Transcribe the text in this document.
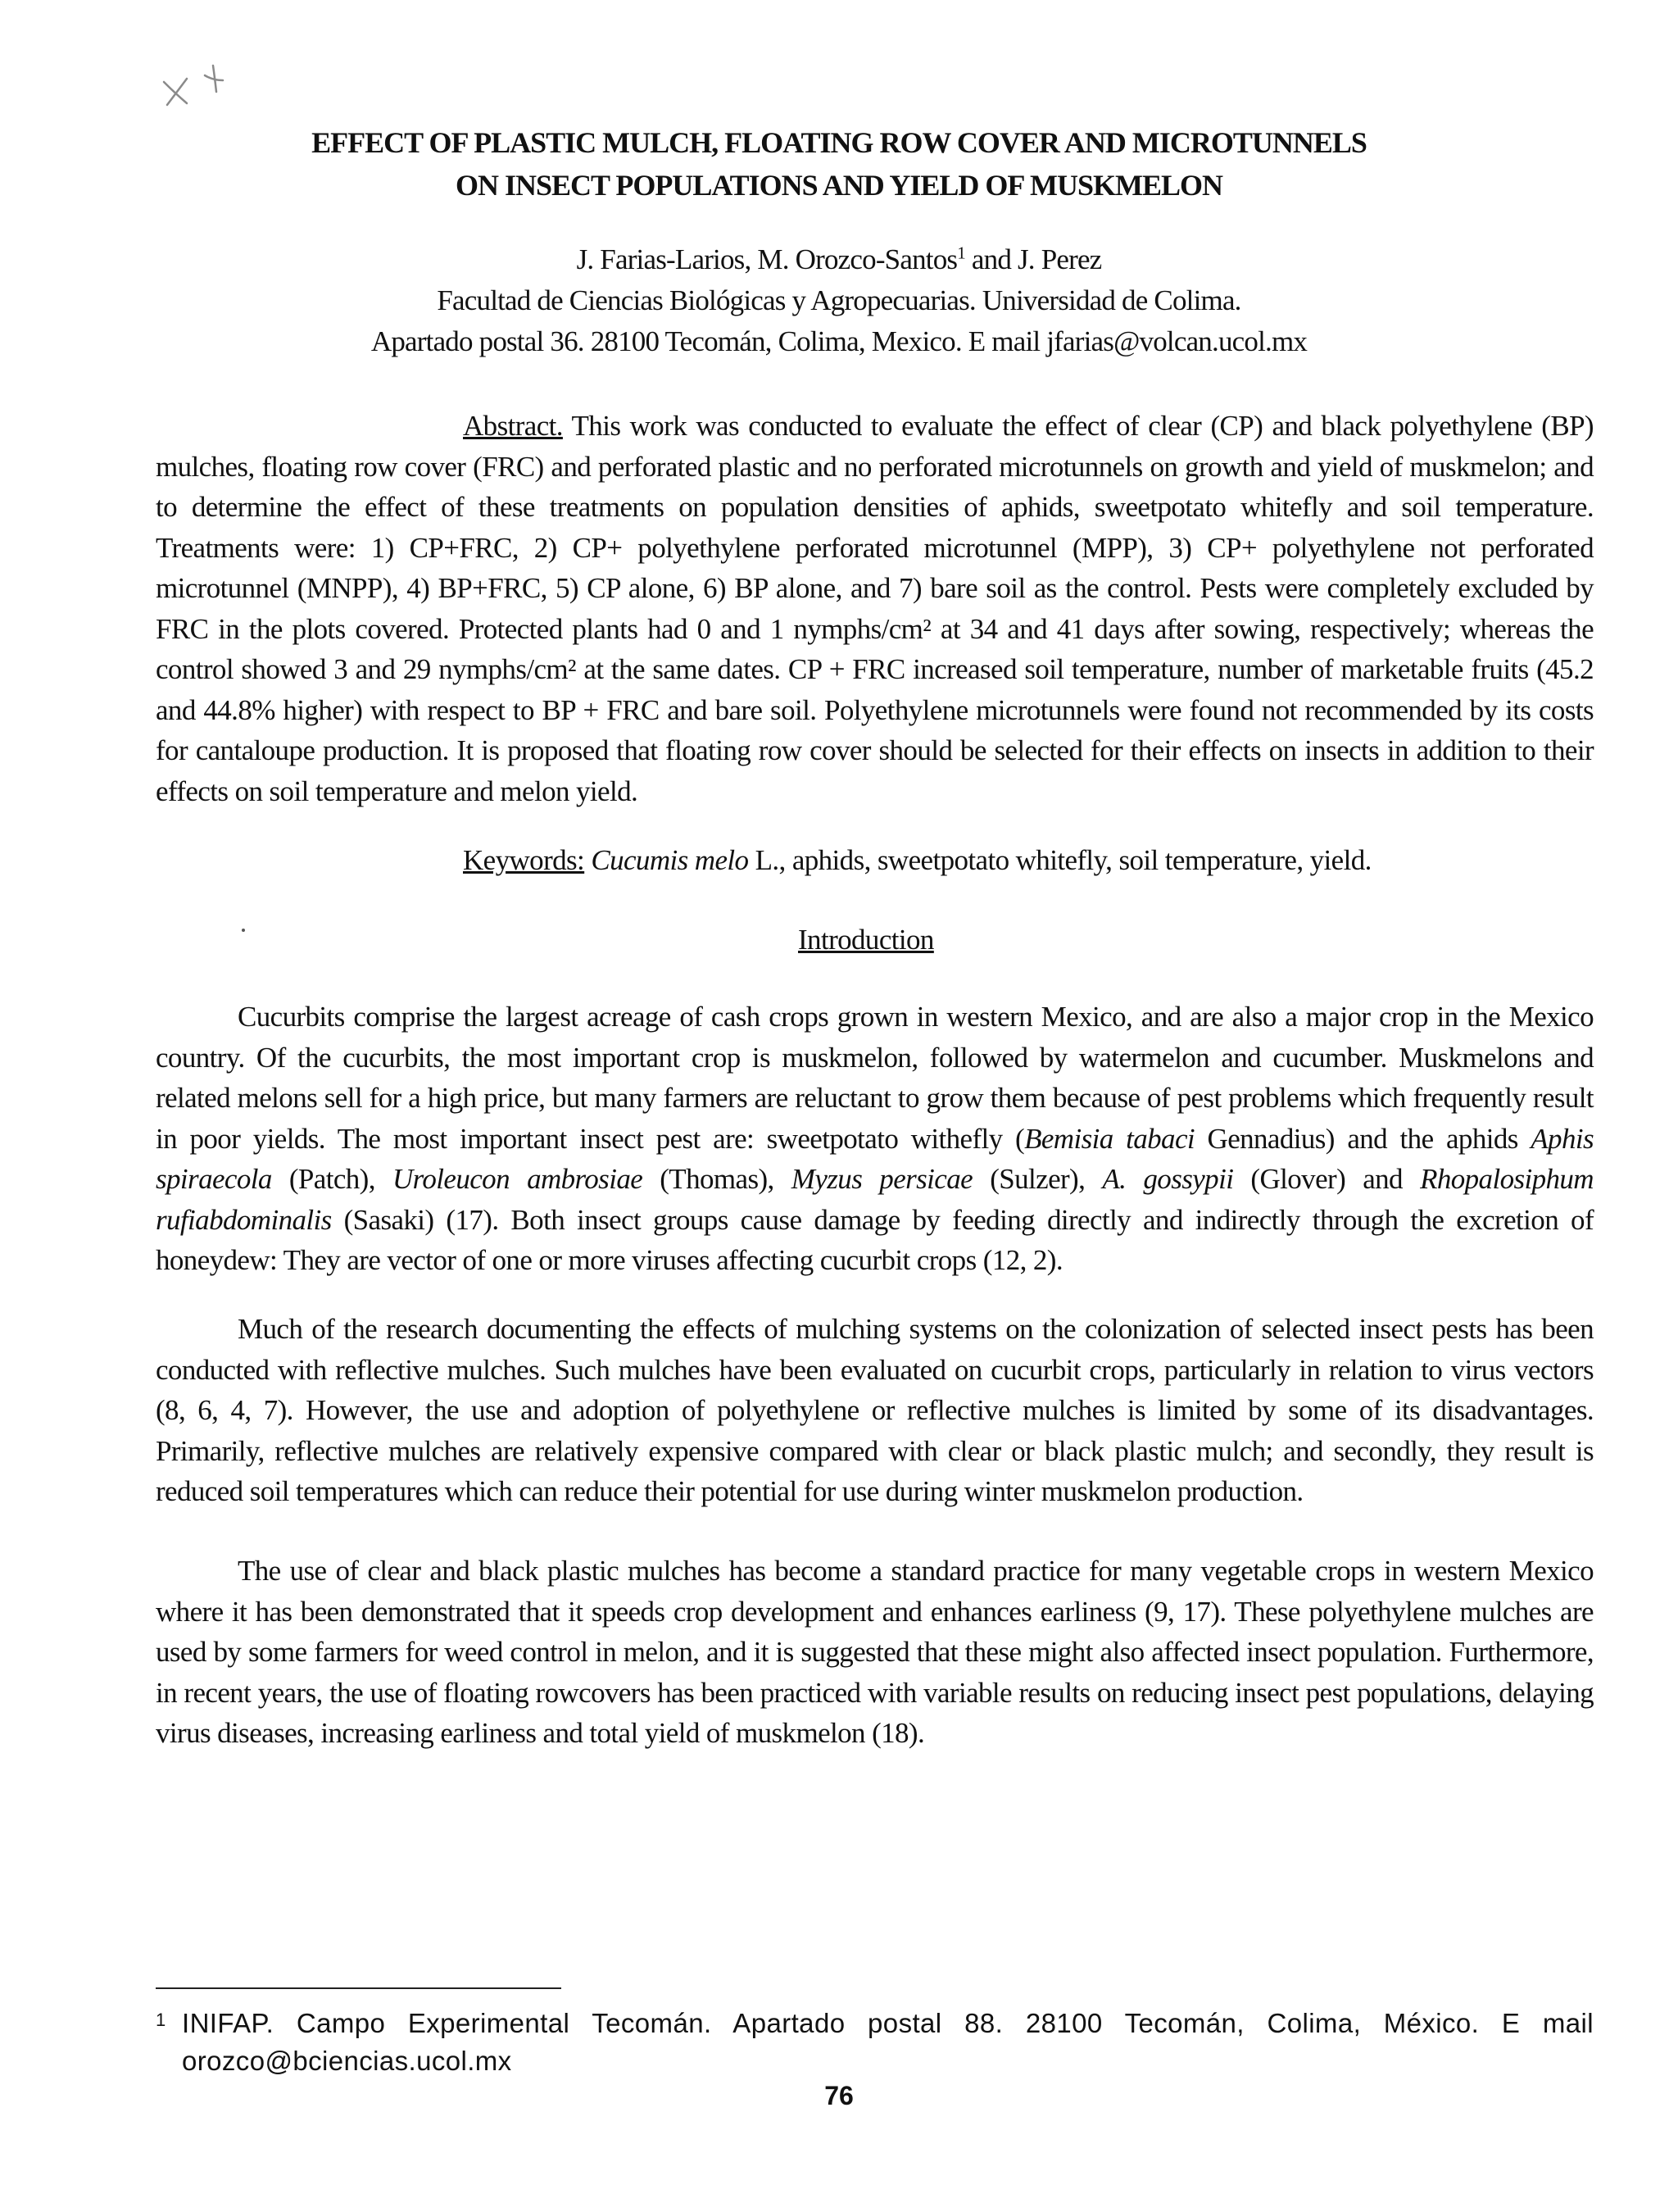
EFFECT OF PLASTIC MULCH, FLOATING ROW COVER AND MICROTUNNELS
ON INSECT POPULATIONS AND YIELD OF MUSKMELON
J. Farias-Larios, M. Orozco-Santos$^1$ and J. Perez
Facultad de Ciencias Biológicas y Agropecuarias. Universidad de Colima.
Apartado postal 36. 28100 Tecomán, Colima, Mexico. E mail jfarias@volcan.ucol.mx
Abstract. This work was conducted to evaluate the effect of clear (CP) and black polyethylene (BP) mulches, floating row cover (FRC) and perforated plastic and no perforated microtunnels on growth and yield of muskmelon; and to determine the effect of these treatments on population densities of aphids, sweetpotato whitefly and soil temperature. Treatments were: 1) CP+FRC, 2) CP+ polyethylene perforated microtunnel (MPP), 3) CP+ polyethylene not perforated microtunnel (MNPP), 4) BP+FRC, 5) CP alone, 6) BP alone, and 7) bare soil as the control. Pests were completely excluded by FRC in the plots covered. Protected plants had 0 and 1 nymphs/cm² at 34 and 41 days after sowing, respectively; whereas the control showed 3 and 29 nymphs/cm² at the same dates. CP + FRC increased soil temperature, number of marketable fruits (45.2 and 44.8% higher) with respect to BP + FRC and bare soil. Polyethylene microtunnels were found not recommended by its costs for cantaloupe production. It is proposed that floating row cover should be selected for their effects on insects in addition to their effects on soil temperature and melon yield.
Keywords: Cucumis melo L., aphids, sweetpotato whitefly, soil temperature, yield.
Introduction
Cucurbits comprise the largest acreage of cash crops grown in western Mexico, and are also a major crop in the Mexico country. Of the cucurbits, the most important crop is muskmelon, followed by watermelon and cucumber. Muskmelons and related melons sell for a high price, but many farmers are reluctant to grow them because of pest problems which frequently result in poor yields. The most important insect pest are: sweetpotato withefly (Bemisia tabaci Gennadius) and the aphids Aphis spiraecola (Patch), Uroleucon ambrosiae (Thomas), Myzus persicae (Sulzer), A. gossypii (Glover) and Rhopalosiphum rufiabdominalis (Sasaki) (17). Both insect groups cause damage by feeding directly and indirectly through the excretion of honeydew: They are vector of one or more viruses affecting cucurbit crops (12, 2).
Much of the research documenting the effects of mulching systems on the colonization of selected insect pests has been conducted with reflective mulches. Such mulches have been evaluated on cucurbit crops, particularly in relation to virus vectors (8, 6, 4, 7). However, the use and adoption of polyethylene or reflective mulches is limited by some of its disadvantages. Primarily, reflective mulches are relatively expensive compared with clear or black plastic mulch; and secondly, they result is reduced soil temperatures which can reduce their potential for use during winter muskmelon production.
The use of clear and black plastic mulches has become a standard practice for many vegetable crops in western Mexico where it has been demonstrated that it speeds crop development and enhances earliness (9, 17). These polyethylene mulches are used by some farmers for weed control in melon, and it is suggested that these might also affected insect population. Furthermore, in recent years, the use of floating rowcovers has been practiced with variable results on reducing insect pest populations, delaying virus diseases, increasing earliness and total yield of muskmelon (18).
1 INIFAP. Campo Experimental Tecomán. Apartado postal 88. 28100 Tecomán, Colima, México. E mail orozco@bciencias.ucol.mx
76
